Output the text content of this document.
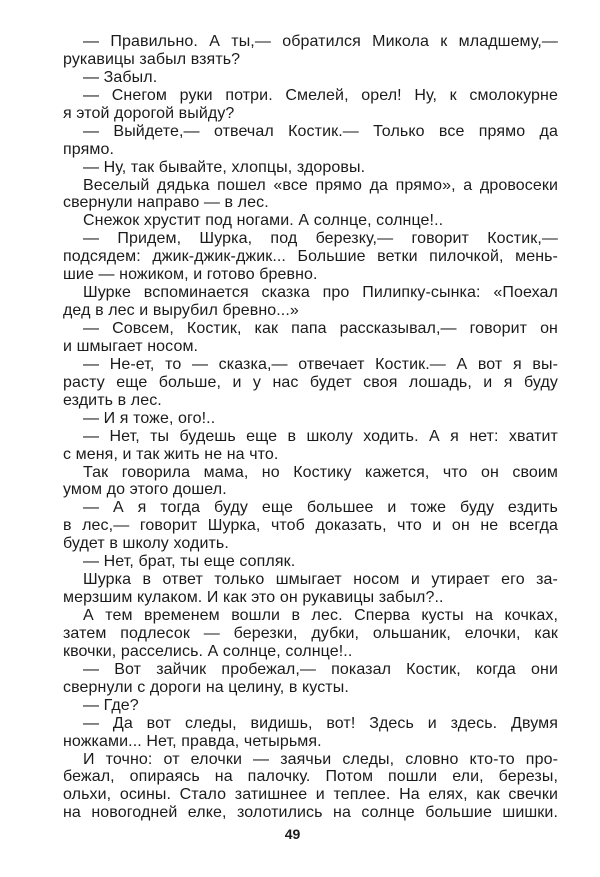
— Правильно. А ты,— обратился Микола к младшему,—
рукавицы забыл взять?
— Забыл.
— Снегом руки потри. Смелей, орел! Ну, к смолокурне
я этой дорогой выйду?
— Выйдете,— отвечал Костик.— Только все прямо да
прямо.
— Ну, так бывайте, хлопцы, здоровы.
Веселый дядька пошел «все прямо да прямо», а дровосеки
свернули направо — в лес.
Снежок хрустит под ногами. А солнце, солнце!..
— Придем, Шурка, под березку,— говорит Костик,—
подсядем: джик-джик-джик... Большие ветки пилочкой, мень-
шие — ножиком, и готово бревно.
Шурке вспоминается сказка про Пилипку-сынка: «Поехал
дед в лес и вырубил бревно...»
— Совсем, Костик, как папа рассказывал,— говорит он
и шмыгает носом.
— Не-ет, то — сказка,— отвечает Костик.— А вот я вы-
расту еще больше, и у нас будет своя лошадь, и я буду
ездить в лес.
— И я тоже, ого!..
— Нет, ты будешь еще в школу ходить. А я нет: хватит
с меня, и так жить не на что.
Так говорила мама, но Костику кажется, что он своим
умом до этого дошел.
— А я тогда буду еще большее и тоже буду ездить
в лес,— говорит Шурка, чтоб доказать, что и он не всегда
будет в школу ходить.
— Нет, брат, ты еще сопляк.
Шурка в ответ только шмыгает носом и утирает его за-
мерзшим кулаком. И как это он рукавицы забыл?..
А тем временем вошли в лес. Сперва кусты на кочках,
затем подлесок — березки, дубки, ольшаник, елочки, как
квочки, расселись. А солнце, солнце!..
— Вот зайчик пробежал,— показал Костик, когда они
свернули с дороги на целину, в кусты.
— Где?
— Да вот следы, видишь, вот! Здесь и здесь. Двумя
ножками... Нет, правда, четырьмя.
И точно: от елочки — заячьи следы, словно кто-то про-
бежал, опираясь на палочку. Потом пошли ели, березы,
ольхи, осины. Стало затишнее и теплее. На елях, как свечки
на новогодней елке, золотились на солнце большие шишки.
49
